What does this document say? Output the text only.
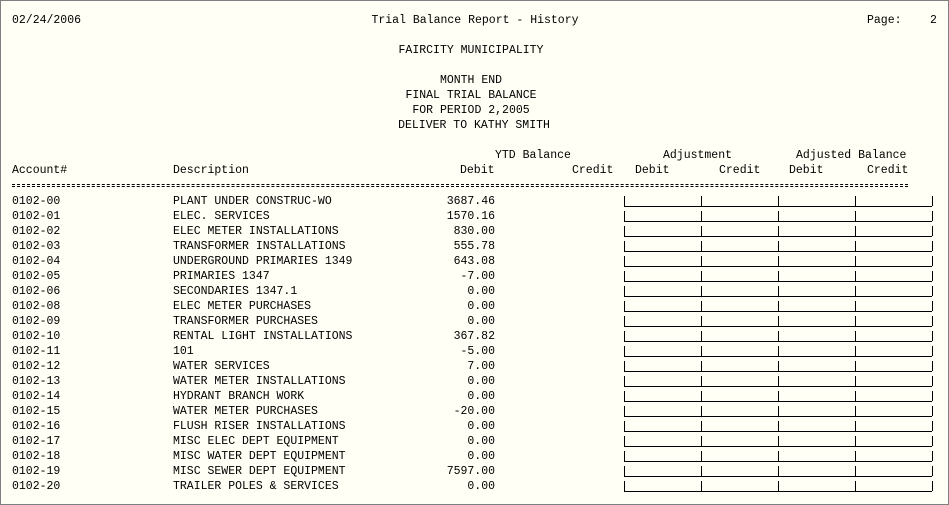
02/24/2006	Trial Balance Report - History	Page: 2
FAIRCITY MUNICIPALITY
MONTH END
FINAL TRIAL BALANCE
FOR PERIOD 2,2005
DELIVER TO KATHY SMITH
YTD Balance	Adjustment	Adjusted Balance
Account#	Description	Debit	Credit Debit	Credit Debit	Credit
0102-00	PLANT UNDER CONSTRUC-WO	3687.46
0102-01	ELEC. SERVICES	1570.16
0102-02	ELEC METER INSTALLATIONS	830.00
0102-03	TRANSFORMER INSTALLATIONS	555.78
0102-04	UNDERGROUND PRIMARIES 1349	643.08
0102-05	PRIMARIES 1347	-7.00
0102-06	SECONDARIES 1347.1	0.00
0102-08	ELEC METER PURCHASES	0.00
0102-09	TRANSFORMER PURCHASES	0.00
0102-10	RENTAL LIGHT INSTALLATIONS	367.82
0102-11	101	-5.00
0102-12	WATER SERVICES	7.00
0102-13	WATER METER INSTALLATIONS	0.00
0102-14	HYDRANT BRANCH WORK	0.00
0102-15	WATER METER PURCHASES	-20.00
0102-16	FLUSH RISER INSTALLATIONS	0.00
0102-17	MISC ELEC DEPT EQUIPMENT	0.00
0102-18	MISC WATER DEPT EQUIPMENT	0.00
0102-19	MISC SEWER DEPT EQUIPMENT	7597.00
0102-20	TRAILER POLES & SERVICES	0.00
